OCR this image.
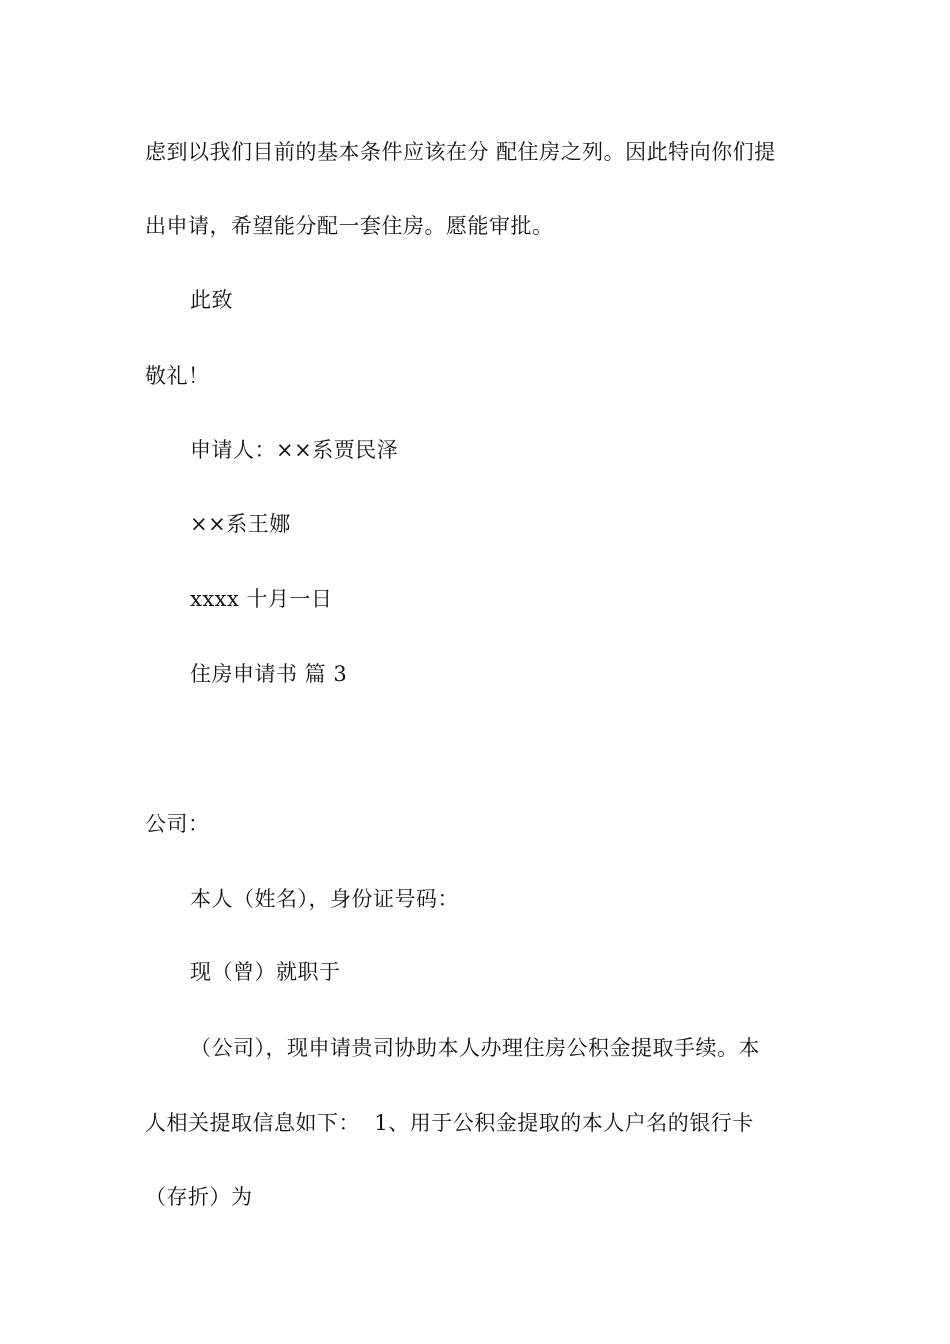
虑到以我们目前的基本条件应该在分 配住房之列。因此特向你们提
出申请，希望能分配一套住房。愿能审批。
此致
敬礼！
申请人：××系贾民泽
××系王娜
xxxx 十月一日
住房申请书 篇 3
公司：
本人（姓名），身份证号码：
现（曾）就职于
（公司），现申请贵司协助本人办理住房公积金提取手续。本
人相关提取信息如下：  1、用于公积金提取的本人户名的银行卡
（存折）为
